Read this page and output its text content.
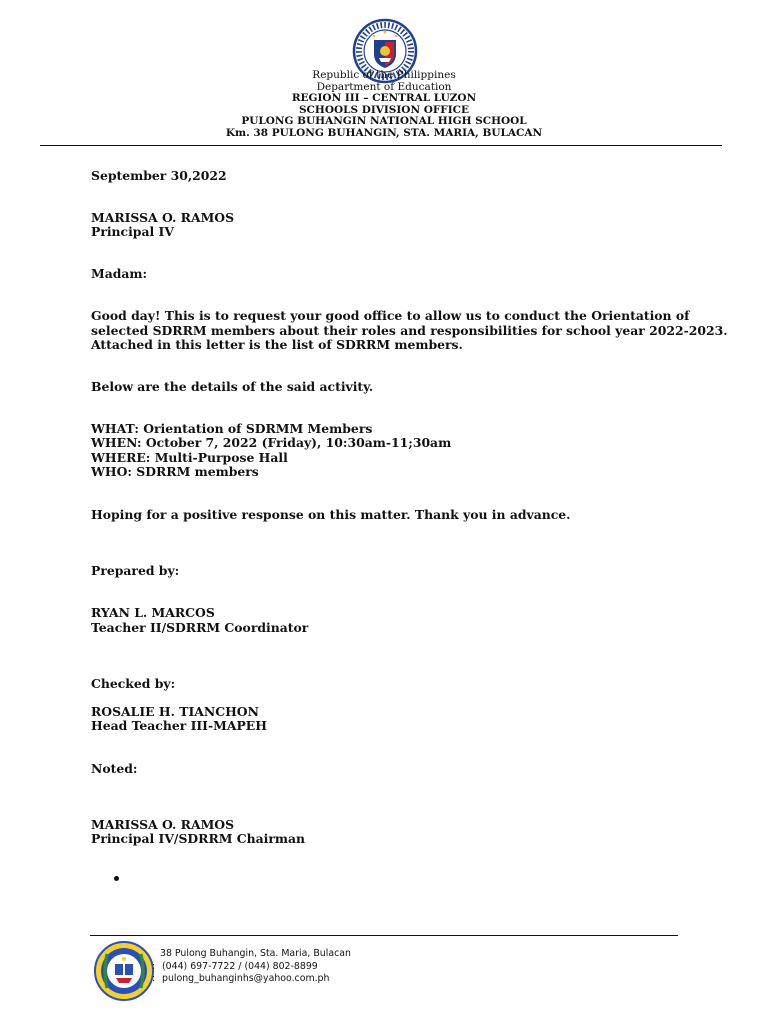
Republic of the Philippines
Department of Education
REGION III – CENTRAL LUZON
SCHOOLS DIVISION OFFICE
PULONG BUHANGIN NATIONAL HIGH SCHOOL
Km. 38 PULONG BUHANGIN, STA. MARIA, BULACAN
September 30,2022
MARISSA O. RAMOS
Principal IV
Madam:
Good day! This is to request your good office to allow us to conduct the Orientation of
selected SDRRM members about their roles and responsibilities for school year 2022-2023.
Attached in this letter is the list of SDRRM members.
Below are the details of the said activity.
WHAT: Orientation of SDRMM Members
WHEN: October 7, 2022 (Friday), 10:30am-11;30am
WHERE: Multi-Purpose Hall
WHO: SDRRM members
Hoping for a positive response on this matter. Thank you in advance.
Prepared by:
RYAN L. MARCOS
Teacher II/SDRRM Coordinator
Checked by:
ROSALIE H. TIANCHON
Head Teacher III-MAPEH
Noted:
MARISSA O. RAMOS
Principal IV/SDRRM Chairman
38 Pulong Buhangin, Sta. Maria, Bulacan
: (044) 697-7722 / (044) 802-8899
: pulong_buhanginhs@yahoo.com.ph
